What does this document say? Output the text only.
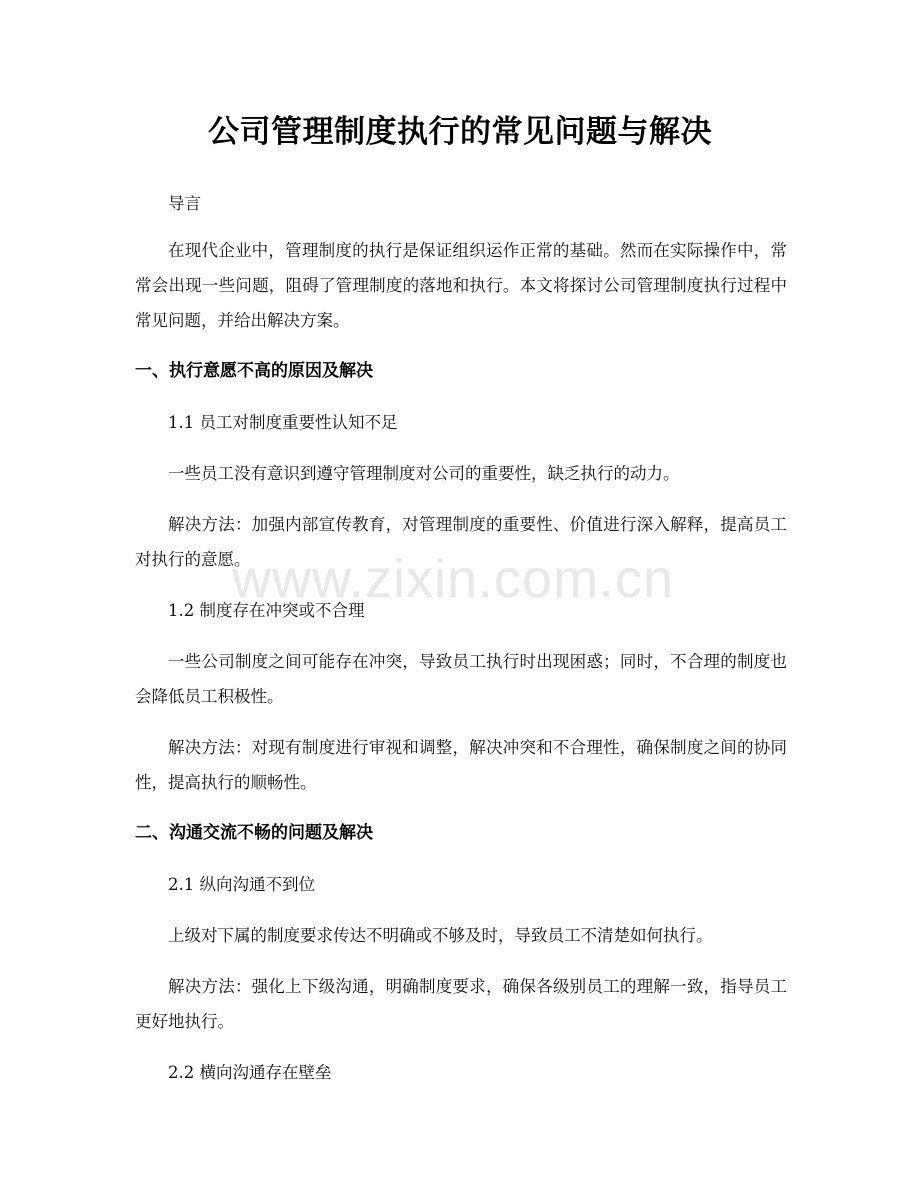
公司管理制度执行的常见问题与解决
www.zixin.com.cn

导言

在现代企业中，管理制度的执行是保证组织运作正常的基础。然而在实际操作中，常常会出现一些问题，阻碍了管理制度的落地和执行。本文将探讨公司管理制度执行过程中常见问题，并给出解决方案。

一、执行意愿不高的原因及解决

1.1 员工对制度重要性认知不足

一些员工没有意识到遵守管理制度对公司的重要性，缺乏执行的动力。

解决方法：加强内部宣传教育，对管理制度的重要性、价值进行深入解释，提高员工对执行的意愿。

1.2 制度存在冲突或不合理

一些公司制度之间可能存在冲突，导致员工执行时出现困惑；同时，不合理的制度也会降低员工积极性。

解决方法：对现有制度进行审视和调整，解决冲突和不合理性，确保制度之间的协同性，提高执行的顺畅性。

二、沟通交流不畅的问题及解决

2.1 纵向沟通不到位

上级对下属的制度要求传达不明确或不够及时，导致员工不清楚如何执行。

解决方法：强化上下级沟通，明确制度要求，确保各级别员工的理解一致，指导员工更好地执行。

2.2 横向沟通存在壁垒
